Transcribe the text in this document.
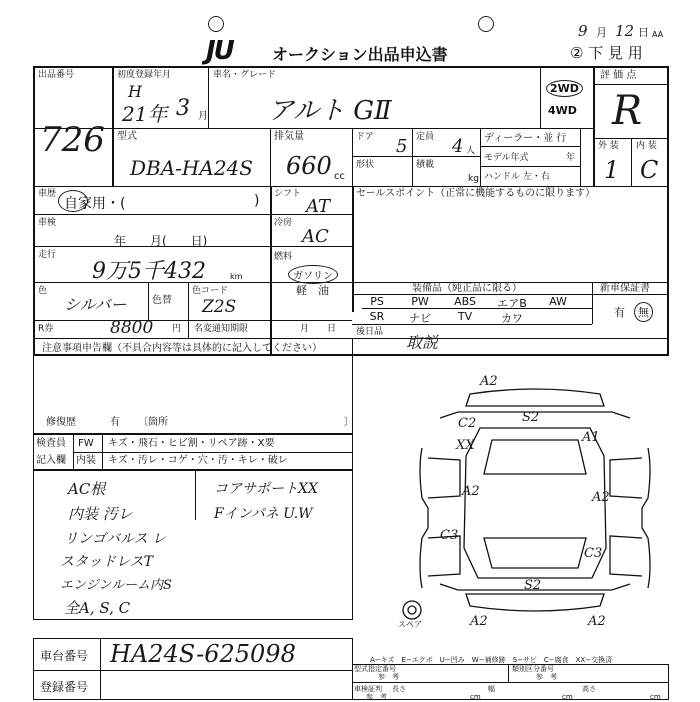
JU オークション出品申込書
9 月 12 日 AA
② 下 見 用
出品番号
726
初度登録年月
H
21年 3 月
車名・グレード
アルト GⅡ
2WD
4WD
評 価 点
R
型式
DBA-HA24S
排気量
660 cc
ドア 5
形状
定員 4 人
積載
kg
ディーラー・並 行
モデル年式	年
ハンドル 左・右
外 装 内 装
1 C
車歴
自家用・(	) シフト
AT
車検
年　　月(　　日)
冷房
AC
走行
9万5千432	km
燃料
ガソリン
軽　油
色
シルバー	色替
色コード
Z2S
R券	8800 円 名変通知期限	月　　日
セールスポイント（正常に機能するものに限ります）
装備品（純正品に限る）	新車保証書
有	無
PS	PW	ABS	エアB	AW
SR	ナビ	TV	カワ
後日品
取説
注意事項申告欄（不具合内容等は具体的に記入してください）
修復歴	有 〔箇所	〕
検査員
記入欄
FW キズ・飛石・ヒビ割・リペア跡・X要
内装 キズ・汚レ・コゲ・穴・汚・キレ・破レ
AC根	コアサポートXX
内装 汚レ	Fインパネ U.W
リンゴバルス レ
スタッドレスT
エンジンルーム内S
全A, S, C
A2
S2
C2
XX
A1
A2	A2
C3
C3
S2
A2	A2
スペア
A−キズ　E−エクボ　U−凹み　W−補修跡　S−サビ　C−腐食　XX−交換済
車台番号 HA24S-625098
登録番号
型式指定番号
参　考
類別区分番号
参　考
車検証判 長さ
参　考
幅	高さ
cm	cm	cm
